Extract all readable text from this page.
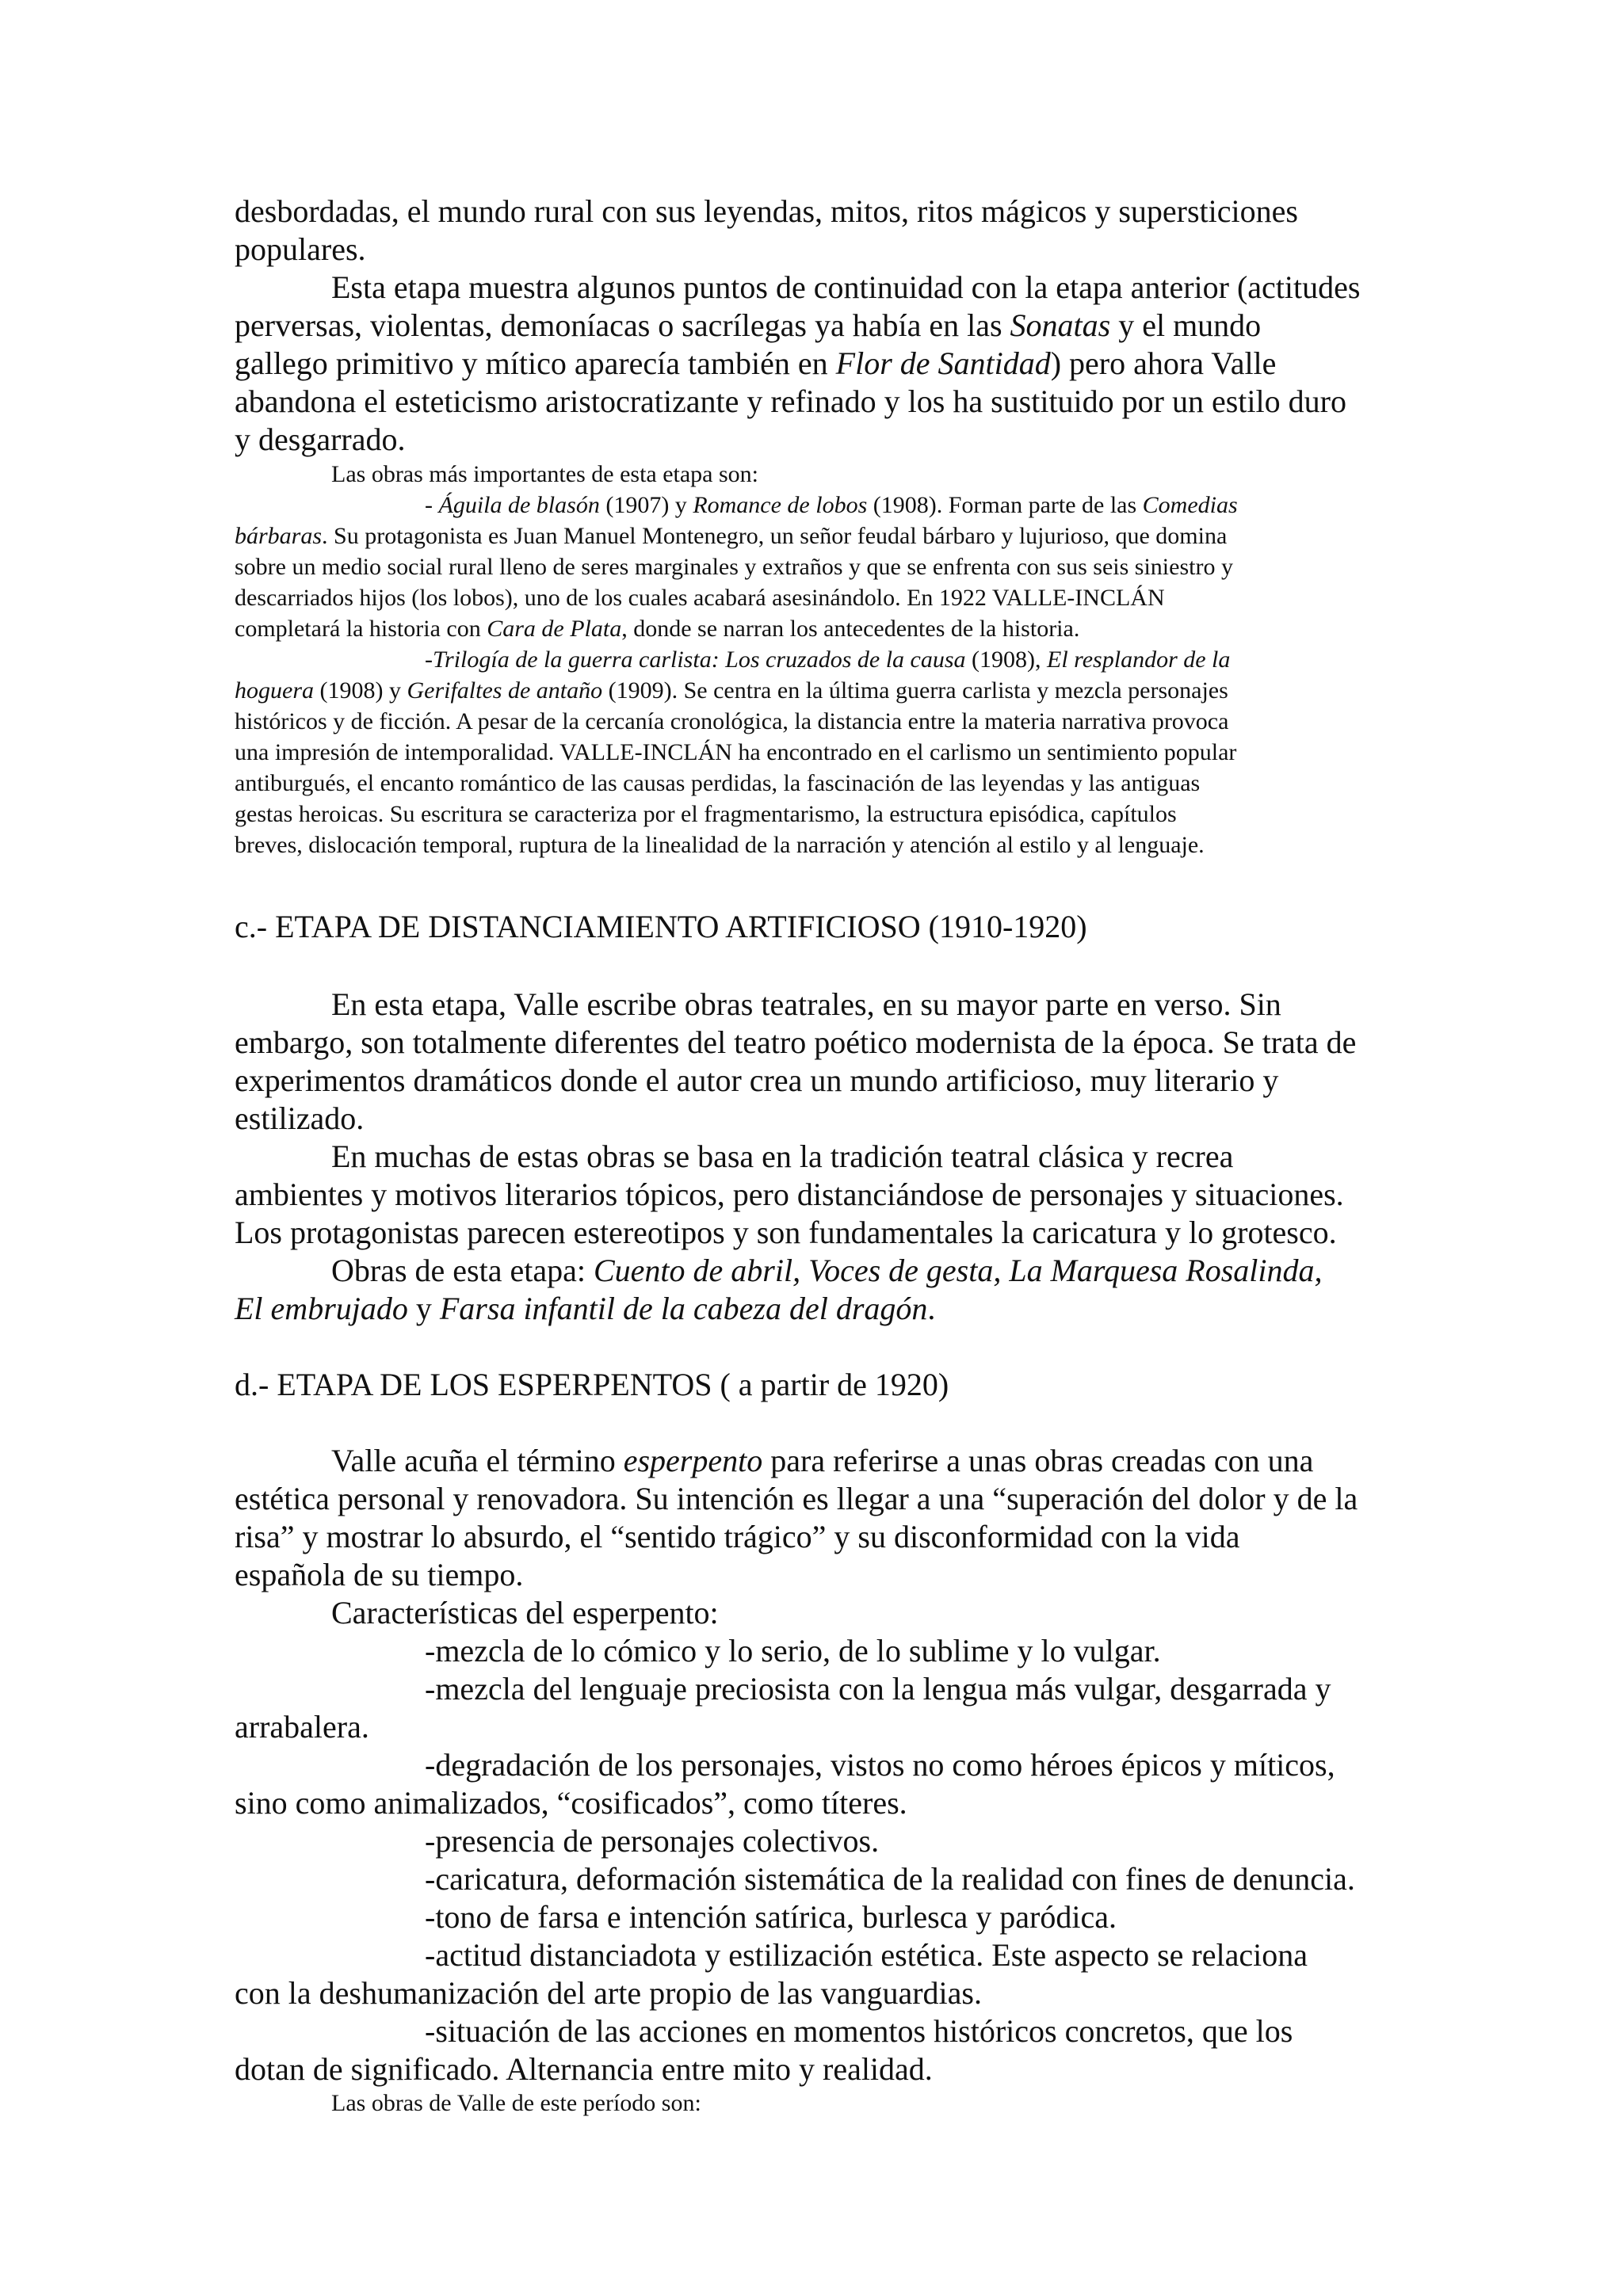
desbordadas, el mundo rural con sus leyendas, mitos, ritos mágicos y supersticiones
populares.
Esta etapa muestra algunos puntos de continuidad con la etapa anterior (actitudes
perversas, violentas, demoníacas o sacrílegas ya había en las Sonatas y el mundo
gallego primitivo y mítico aparecía también en Flor de Santidad) pero ahora Valle
abandona el esteticismo aristocratizante y refinado y los ha sustituido por un estilo duro
y desgarrado.
Las obras más importantes de esta etapa son:
- Águila de blasón (1907) y Romance de lobos (1908). Forman parte de las Comedias
bárbaras. Su protagonista es Juan Manuel Montenegro, un señor feudal bárbaro y lujurioso, que domina
sobre un medio social rural lleno de seres marginales y extraños y que se enfrenta con sus seis siniestro y
descarriados hijos (los lobos), uno de los cuales acabará asesinándolo. En 1922 VALLE-INCLÁN
completará la historia con Cara de Plata, donde se narran los antecedentes de la historia.
-Trilogía de la guerra carlista: Los cruzados de la causa (1908), El resplandor de la
hoguera (1908) y Gerifaltes de antaño (1909). Se centra en la última guerra carlista y mezcla personajes
históricos y de ficción. A pesar de la cercanía cronológica, la distancia entre la materia narrativa provoca
una impresión de intemporalidad. VALLE-INCLÁN ha encontrado en el carlismo un sentimiento popular
antiburgués, el encanto romántico de las causas perdidas, la fascinación de las leyendas y las antiguas
gestas heroicas. Su escritura se caracteriza por el fragmentarismo, la estructura episódica, capítulos
breves, dislocación temporal, ruptura de la linealidad de la narración y atención al estilo y al lenguaje.
c.- ETAPA DE DISTANCIAMIENTO ARTIFICIOSO (1910-1920)
En esta etapa, Valle escribe obras teatrales, en su mayor parte en verso. Sin
embargo, son totalmente diferentes del teatro poético modernista de la época. Se trata de
experimentos dramáticos donde el autor crea un mundo artificioso, muy literario y
estilizado.
En muchas de estas obras se basa en la tradición teatral clásica y recrea
ambientes y motivos literarios tópicos, pero distanciándose de personajes y situaciones.
Los protagonistas parecen estereotipos y son fundamentales la caricatura y lo grotesco.
Obras de esta etapa: Cuento de abril, Voces de gesta, La Marquesa Rosalinda,
El embrujado y Farsa infantil de la cabeza del dragón.
d.- ETAPA DE LOS ESPERPENTOS ( a partir de 1920)
Valle acuña el término esperpento para referirse a unas obras creadas con una
estética personal y renovadora. Su intención es llegar a una “superación del dolor y de la
risa” y mostrar lo absurdo, el “sentido trágico” y su disconformidad con la vida
española de su tiempo.
Características del esperpento:
-mezcla de lo cómico y lo serio, de lo sublime y lo vulgar.
-mezcla del lenguaje preciosista con la lengua más vulgar, desgarrada y
arrabalera.
-degradación de los personajes, vistos no como héroes épicos y míticos,
sino como animalizados, “cosificados”, como títeres.
-presencia de personajes colectivos.
-caricatura, deformación sistemática de la realidad con fines de denuncia.
-tono de farsa e intención satírica, burlesca y paródica.
-actitud distanciadota y estilización estética. Este aspecto se relaciona
con la deshumanización del arte propio de las vanguardias.
-situación de las acciones en momentos históricos concretos, que los
dotan de significado. Alternancia entre mito y realidad.
Las obras de Valle de este período son:
